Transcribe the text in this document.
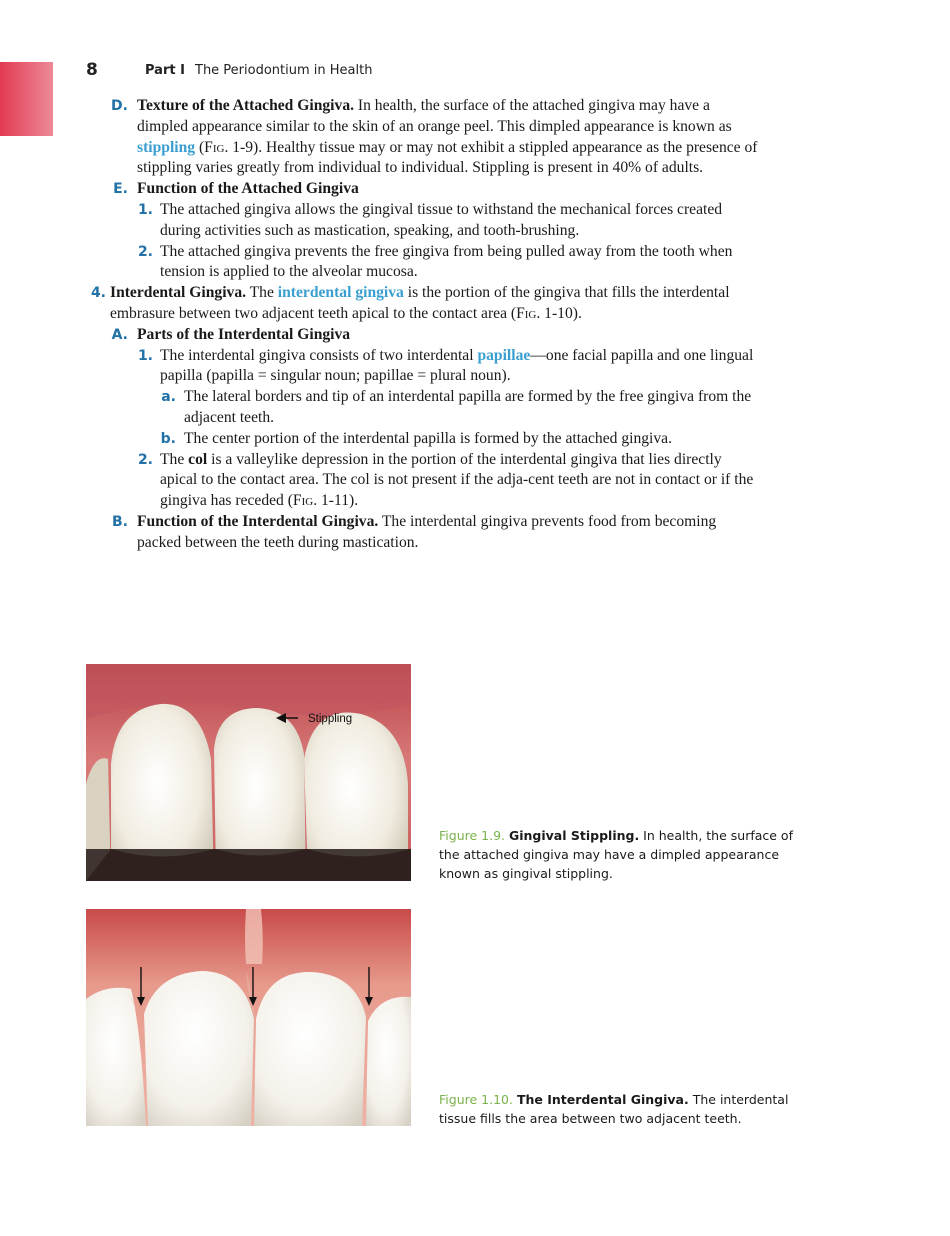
8	Part I The Periodontium in Health
D. Texture of the Attached Gingiva. In health, the surface of the attached gingiva may have a dimpled appearance similar to the skin of an orange peel. This dimpled appearance is known as stippling (Fig. 1-9). Healthy tissue may or may not exhibit a stippled appearance as the presence of stippling varies greatly from individual to individual. Stippling is present in 40% of adults.
E. Function of the Attached Gingiva
1. The attached gingiva allows the gingival tissue to withstand the mechanical forces created during activities such as mastication, speaking, and tooth-brushing.
2. The attached gingiva prevents the free gingiva from being pulled away from the tooth when tension is applied to the alveolar mucosa.
4. Interdental Gingiva. The interdental gingiva is the portion of the gingiva that fills the interdental embrasure between two adjacent teeth apical to the contact area (Fig. 1-10).
A. Parts of the Interdental Gingiva
1. The interdental gingiva consists of two interdental papillae—one facial papilla and one lingual papilla (papilla = singular noun; papillae = plural noun).
a. The lateral borders and tip of an interdental papilla are formed by the free gingiva from the adjacent teeth.
b. The center portion of the interdental papilla is formed by the attached gingiva.
2. The col is a valleylike depression in the portion of the interdental gingiva that lies directly apical to the contact area. The col is not present if the adja-cent teeth are not in contact or if the gingiva has receded (Fig. 1-11).
B. Function of the Interdental Gingiva. The interdental gingiva prevents food from becoming packed between the teeth during mastication.
Stippling
Figure 1.9. Gingival Stippling. In health, the surface of the attached gingiva may have a dimpled appearance known as gingival stippling.
Figure 1.10. The Interdental Gingiva. The interdental tissue fills the area between two adjacent teeth.
